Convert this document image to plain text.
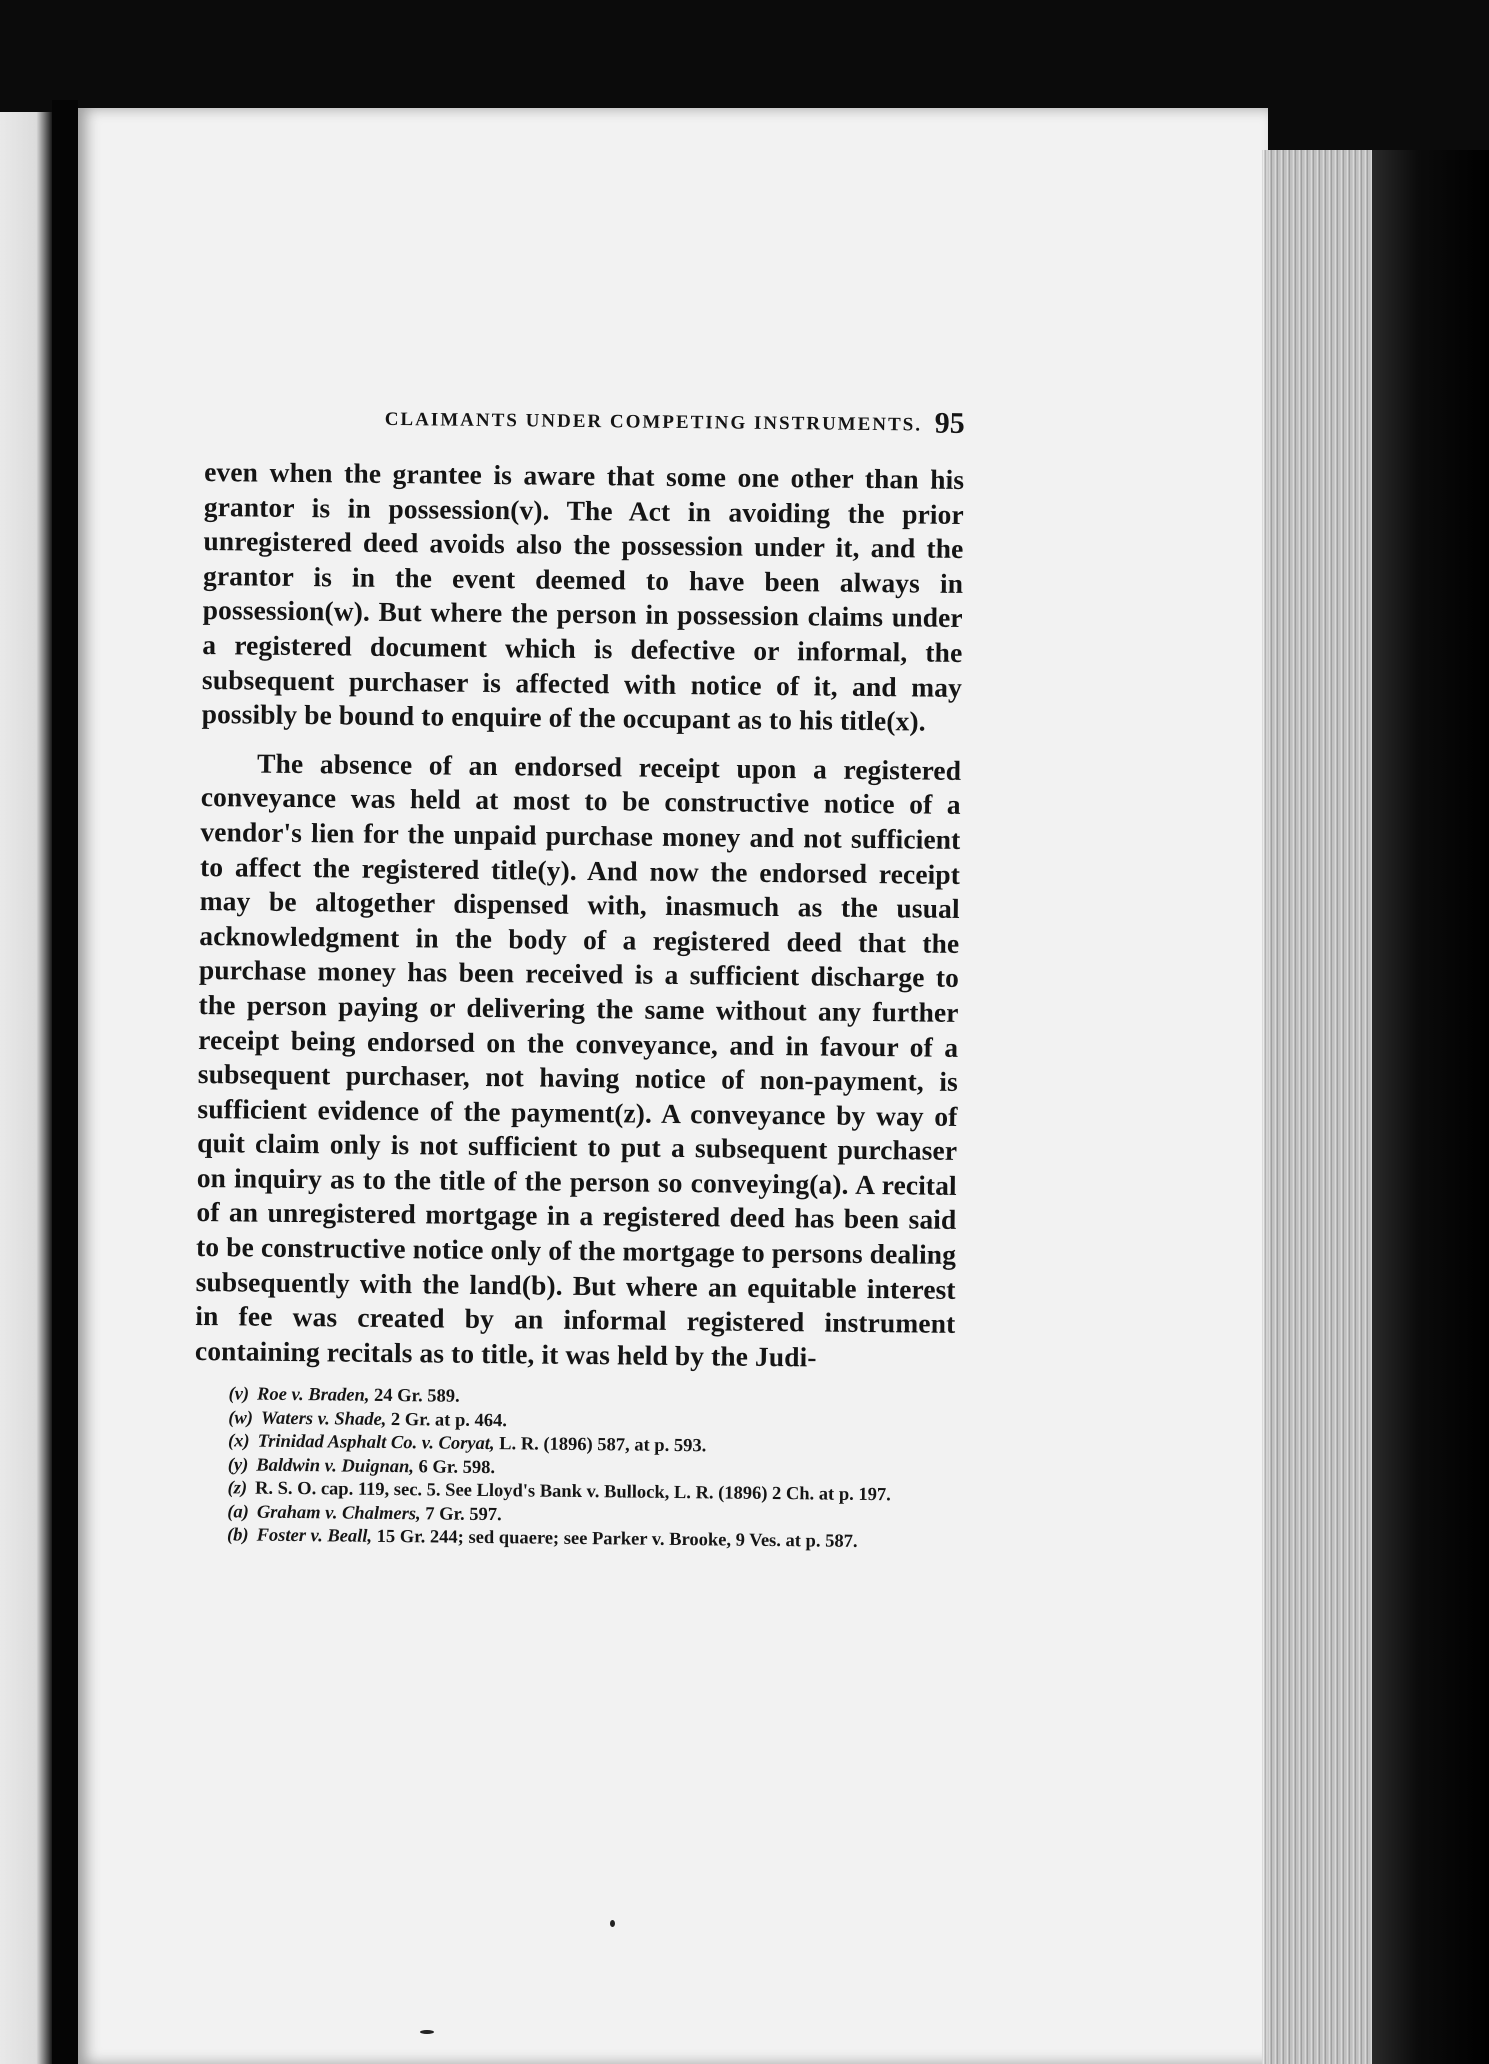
CLAIMANTS UNDER COMPETING INSTRUMENTS. 95

even when the grantee is aware that some one other than his grantor is in possession(v). The Act in avoiding the prior unregistered deed avoids also the possession under it, and the grantor is in the event deemed to have been always in possession(w). But where the person in possession claims under a registered document which is defective or informal, the subsequent purchaser is affected with notice of it, and may possibly be bound to enquire of the occupant as to his title(x).

The absence of an endorsed receipt upon a registered conveyance was held at most to be constructive notice of a vendor's lien for the unpaid purchase money and not sufficient to affect the registered title(y). And now the endorsed receipt may be altogether dispensed with, inasmuch as the usual acknowledgment in the body of a registered deed that the purchase money has been received is a sufficient discharge to the person paying or delivering the same without any further receipt being endorsed on the conveyance, and in favour of a subsequent purchaser, not having notice of non-payment, is sufficient evidence of the payment(z). A conveyance by way of quit claim only is not sufficient to put a subsequent purchaser on inquiry as to the title of the person so conveying(a). A recital of an unregistered mortgage in a registered deed has been said to be constructive notice only of the mortgage to persons dealing subsequently with the land(b). But where an equitable interest in fee was created by an informal registered instrument containing recitals as to title, it was held by the Judi-

(v) Roe v. Braden, 24 Gr. 589.

(w) Waters v. Shade, 2 Gr. at p. 464.

(x) Trinidad Asphalt Co. v. Coryat, L. R. (1896) 587, at p. 593.

(y) Baldwin v. Duignan, 6 Gr. 598.

(z) R. S. O. cap. 119, sec. 5. See Lloyd's Bank v. Bullock, L. R. (1896) 2 Ch. at p. 197.

(a) Graham v. Chalmers, 7 Gr. 597.

(b) Foster v. Beall, 15 Gr. 244; sed quaere; see Parker v. Brooke, 9 Ves. at p. 587.
